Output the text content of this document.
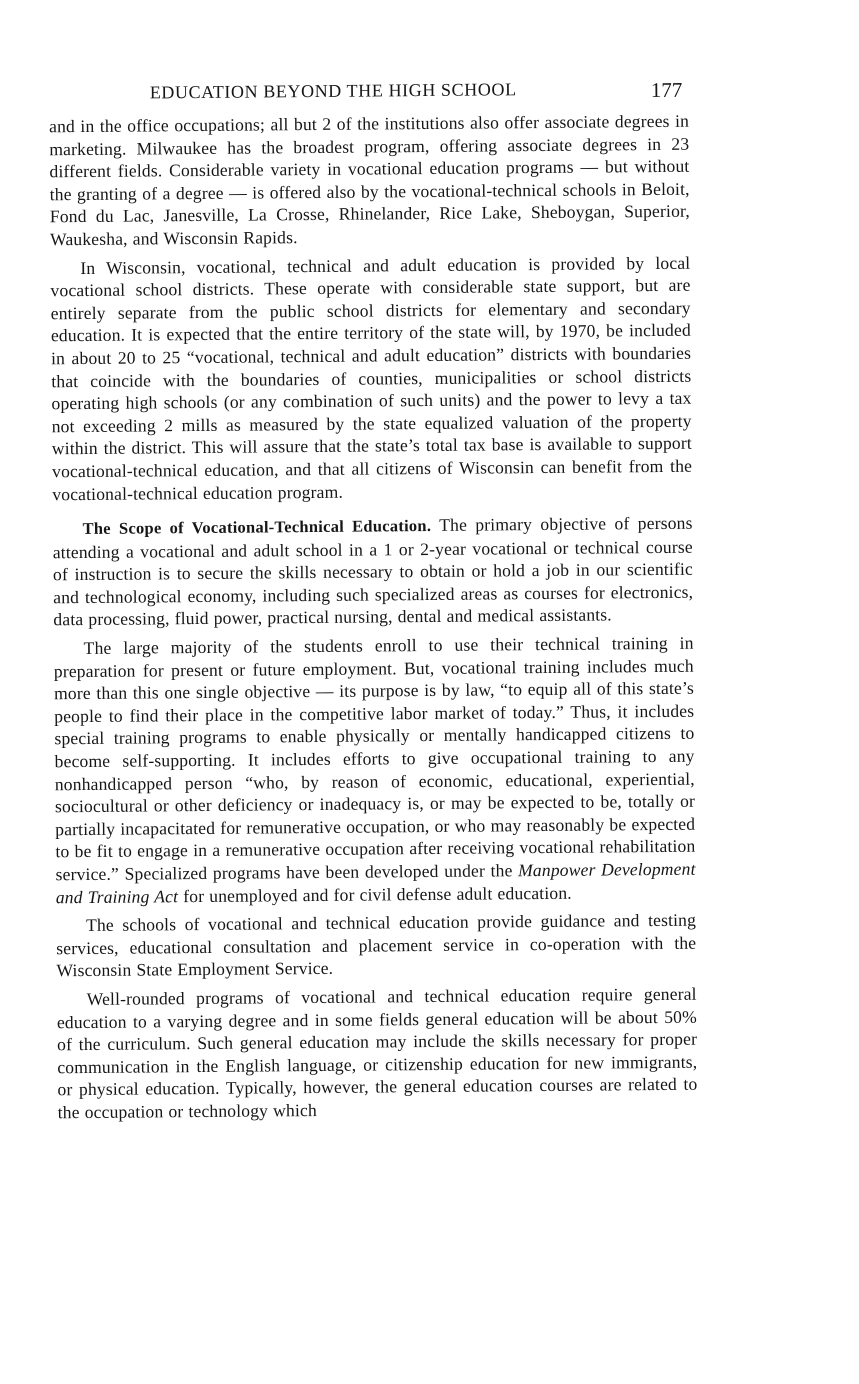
EDUCATION BEYOND THE HIGH SCHOOL	177

and in the office occupations; all but 2 of the institutions also offer associate degrees in marketing. Milwaukee has the broadest program, offering associate degrees in 23 different fields. Considerable variety in vocational education programs — but without the granting of a degree — is offered also by the vocational-technical schools in Beloit, Fond du Lac, Janesville, La Crosse, Rhinelander, Rice Lake, Sheboygan, Superior, Waukesha, and Wisconsin Rapids.

In Wisconsin, vocational, technical and adult education is provided by local vocational school districts. These operate with considerable state support, but are entirely separate from the public school districts for elementary and secondary education. It is expected that the entire territory of the state will, by 1970, be included in about 20 to 25 “vocational, technical and adult education” districts with boundaries that coincide with the boundaries of counties, municipalities or school districts operating high schools (or any combination of such units) and the power to levy a tax not exceeding 2 mills as measured by the state equalized valuation of the property within the district. This will assure that the state’s total tax base is available to support vocational-technical education, and that all citizens of Wisconsin can benefit from the vocational-technical education program.

The Scope of Vocational-Technical Education. The primary objective of persons attending a vocational and adult school in a 1 or 2-year vocational or technical course of instruction is to secure the skills necessary to obtain or hold a job in our scientific and technological economy, including such specialized areas as courses for electronics, data processing, fluid power, practical nursing, dental and medical assistants.

The large majority of the students enroll to use their technical training in preparation for present or future employment. But, vocational training includes much more than this one single objective — its purpose is by law, “to equip all of this state’s people to find their place in the competitive labor market of today.” Thus, it includes special training programs to enable physically or mentally handicapped citizens to become self-supporting. It includes efforts to give occupational training to any nonhandicapped person “who, by reason of economic, educational, experiential, sociocultural or other deficiency or inadequacy is, or may be expected to be, totally or partially incapacitated for remunerative occupation, or who may reasonably be expected to be fit to engage in a remunerative occupation after receiving vocational rehabilitation service.” Specialized programs have been developed under the Manpower Development and Training Act for unemployed and for civil defense adult education.

The schools of vocational and technical education provide guidance and testing services, educational consultation and placement service in co-operation with the Wisconsin State Employment Service.

Well-rounded programs of vocational and technical education require general education to a varying degree and in some fields general education will be about 50% of the curriculum. Such general education may include the skills necessary for proper communication in the English language, or citizenship education for new immigrants, or physical education. Typically, however, the general education courses are related to the occupation or technology which
